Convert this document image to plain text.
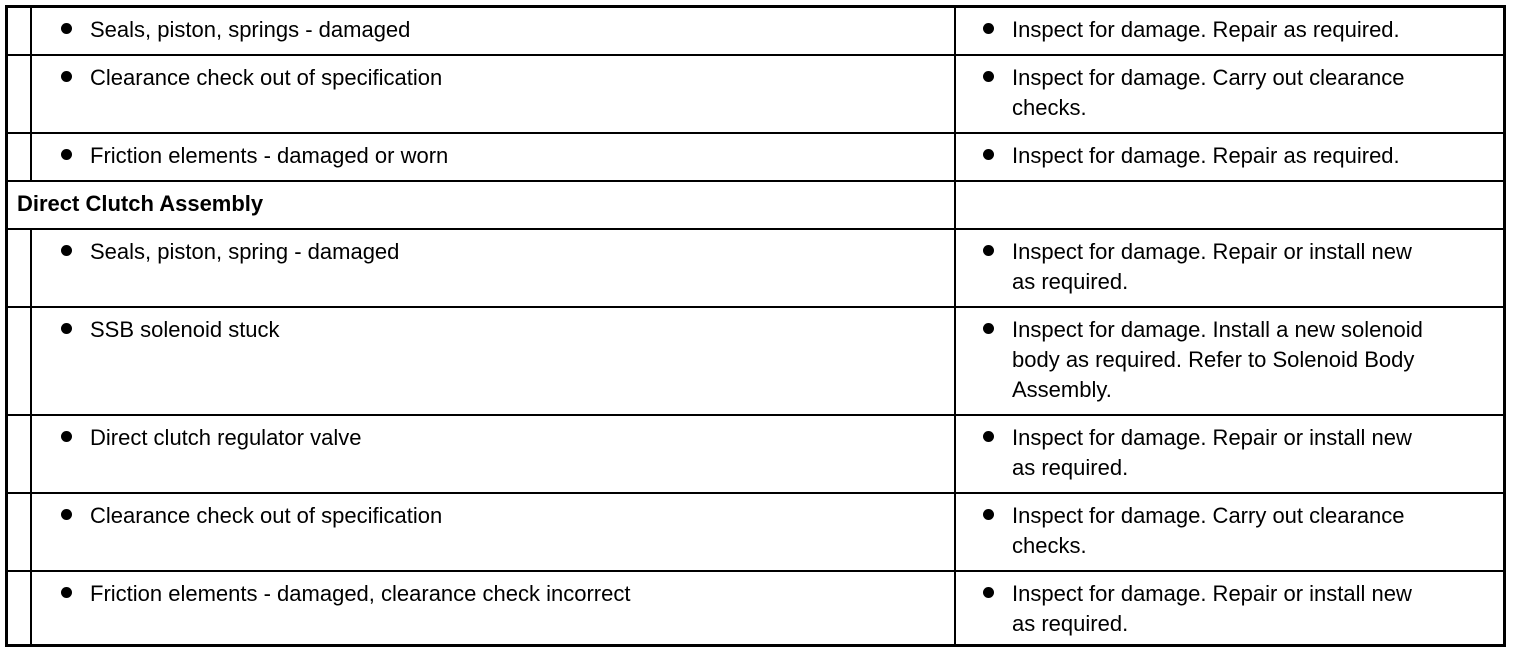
Seals, piston, springs - damaged	Inspect for damage. Repair as required.
Clearance check out of specification	Inspect for damage. Carry out clearance
checks.
Friction elements - damaged or worn	Inspect for damage. Repair as required.
Direct Clutch Assembly
Seals, piston, spring - damaged	Inspect for damage. Repair or install new
as required.
SSB solenoid stuck	Inspect for damage. Install a new solenoid
body as required. Refer to Solenoid Body
Assembly.
Direct clutch regulator valve	Inspect for damage. Repair or install new
as required.
Clearance check out of specification	Inspect for damage. Carry out clearance
checks.
Friction elements - damaged, clearance check incorrect	Inspect for damage. Repair or install new
as required.
